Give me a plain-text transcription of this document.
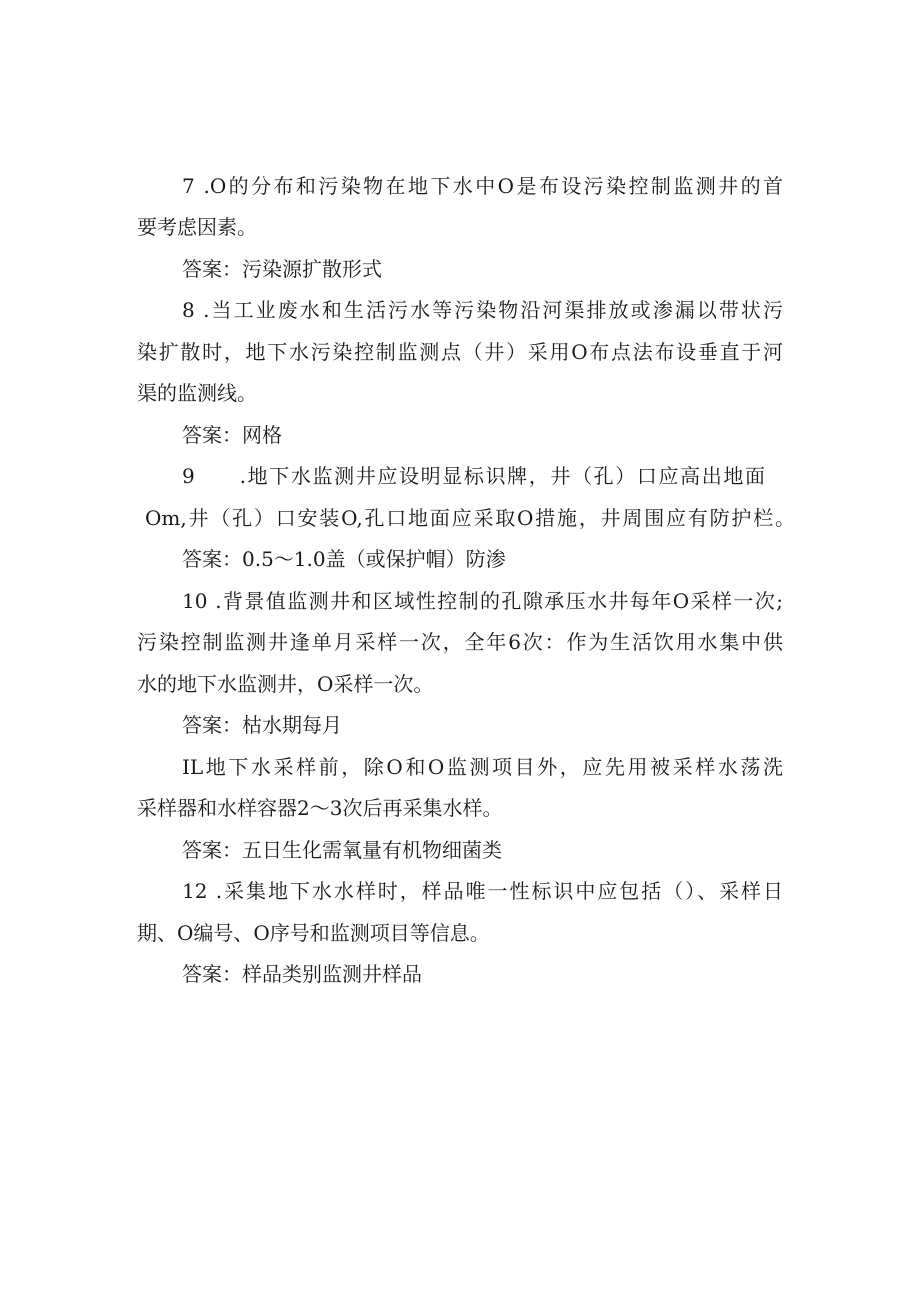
7 .O的分布和污染物在地下水中O是布设污染控制监测井的首

要考虑因素。

答案：污染源扩散形式

8 .当工业废水和生活污水等污染物沿河渠排放或渗漏以带状污

染扩散时，地下水污染控制监测点（井）采用O布点法布设垂直于河

渠的监测线。

答案：网格

9　　.地下水监测井应设明显标识牌，井（孔）口应高出地面

Om,井（孔）口安装O,孔口地面应采取O措施，井周围应有防护栏。

答案：0.5～1.0盖（或保护帽）防渗

10 .背景值监测井和区域性控制的孔隙承压水井每年O采样一次;

污染控制监测井逢单月采样一次，全年6次：作为生活饮用水集中供

水的地下水监测井，O采样一次。

答案：枯水期每月

IL地下水采样前，除O和O监测项目外，应先用被采样水荡洗

采样器和水样容器2～3次后再采集水样。

答案：五日生化需氧量有机物细菌类

12 .采集地下水水样时，样品唯一性标识中应包括（）、采样日

期、O编号、O序号和监测项目等信息。

答案：样品类别监测井样品
